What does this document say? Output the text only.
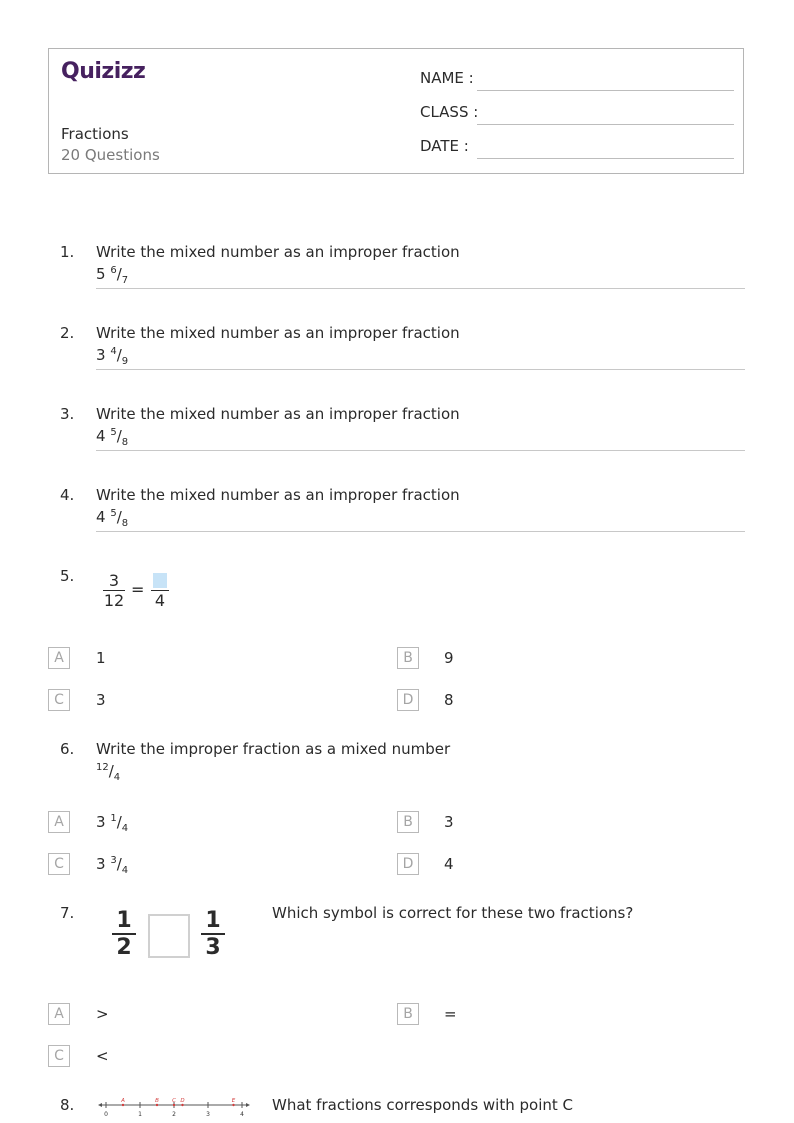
Quizizz
Fractions
20 Questions
NAME :
CLASS :
DATE :
1. Write the mixed number as an improper fraction
5 $^6/_7$
2. Write the mixed number as an improper fraction
3 $^4/_9$
3. Write the mixed number as an improper fraction
4 $^5/_8$
4. Write the mixed number as an improper fraction
4 $^5/_8$
5.	3
12
=
4
A	1	B	9
C	3	D	8
6. Write the improper fraction as a mixed number
$^{12}/_4$
A	3 $^1/_4$	B	3
C	3 $^3/_4$	D	4
7. 1
2
1
3
Which symbol is correct for these two fractions?
A	>	B	=
C	<
8.
0	1	2	3	4
A	B C D	E What fractions corresponds with point C
